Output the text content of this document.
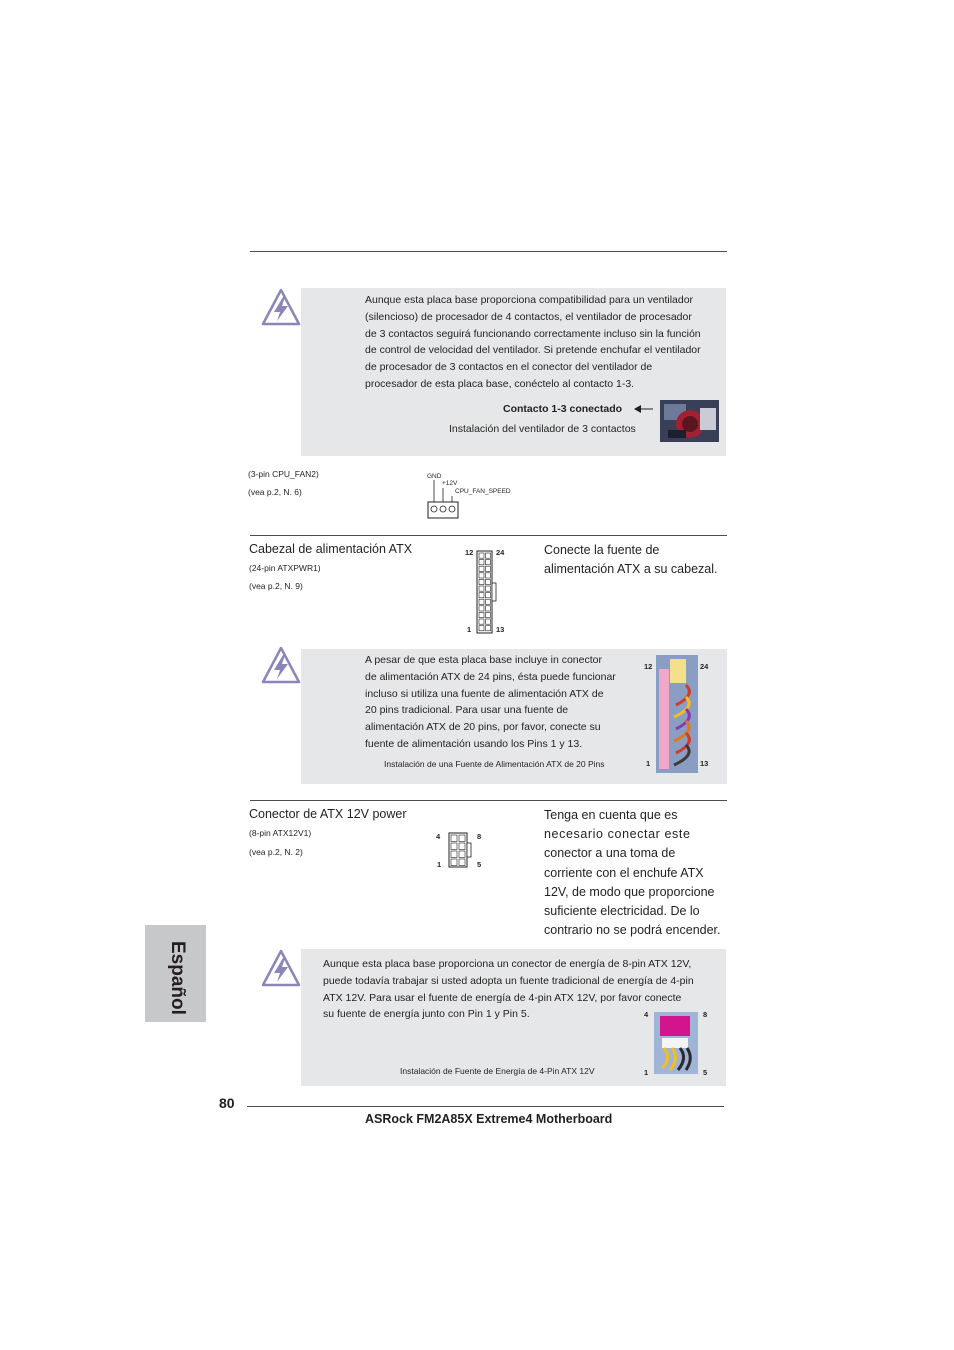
Aunque esta placa base proporciona compatibilidad para un ventilador
(silencioso) de procesador de 4 contactos, el ventilador de procesador
de 3 contactos seguirá funcionando correctamente incluso sin la función
de control de velocidad del ventilador. Si pretende enchufar el ventilador
de procesador de 3 contactos en el conector del ventilador de
procesador de esta placa base, conéctelo al contacto 1-3.
Contacto 1-3 conectado
Instalación del ventilador de 3 contactos
(3-pin CPU_FAN2)
(vea p.2, N. 6)
GND
+12V
CPU_FAN_SPEED
Cabezal de alimentación ATX
(24-pin ATXPWR1)
(vea p.2, N. 9)
12	24
1	13
Conecte la fuente de
alimentación ATX a su cabezal.
A pesar de que esta placa base incluye in conector
de alimentación ATX de 24 pins, ésta puede funcionar
incluso si utiliza una fuente de alimentación ATX de
20 pins tradicional. Para usar una fuente de
alimentación ATX de 20 pins, por favor, conecte su
fuente de alimentación usando los Pins 1 y 13.
Instalación de una Fuente de Alimentación ATX de 20 Pins
12	24
1	13
Conector de ATX 12V power
(8-pin ATX12V1)
(vea p.2, N. 2)
4	8
1	5
Tenga en cuenta que es
necesario conectar este
conector a una toma de
corriente con el enchufe ATX
12V, de modo que proporcione
suficiente electricidad. De lo
contrario no se podrá encender.
Aunque esta placa base proporciona un conector de energía de 8-pin ATX 12V,
puede todavía trabajar si usted adopta un fuente tradicional de energía de 4-pin
ATX 12V. Para usar el fuente de energía de 4-pin ATX 12V, por favor conecte
su fuente de energía junto con Pin 1 y Pin 5.
Instalación de Fuente de Energía de 4-Pin ATX 12V
4	8
1	5
Español
80
ASRock FM2A85X Extreme4 Motherboard
